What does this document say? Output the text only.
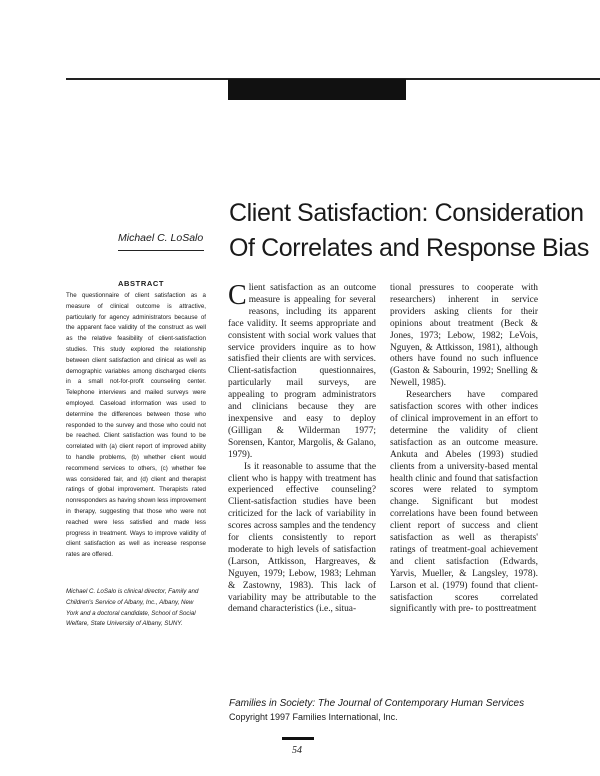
Client Satisfaction: Consideration
Of Correlates and Response Bias
Michael C. LoSalo
ABSTRACT
The questionnaire of client satisfaction as a measure of clinical outcome is attractive, particularly for agency administrators because of the apparent face validity of the construct as well as the relative feasibility of client-satisfaction studies. This study explored the relationship between client satisfaction and clinical as well as demographic variables among discharged clients in a small not-for-profit counseling center. Telephone interviews and mailed surveys were employed. Caseload information was used to determine the differences between those who responded to the survey and those who could not be reached. Client satisfaction was found to be correlated with (a) client report of improved ability to handle problems, (b) whether client would recommend services to others, (c) whether fee was considered fair, and (d) client and therapist ratings of global improvement. Therapists rated nonresponders as having shown less improvement in therapy, suggesting that those who were not reached were less satisfied and made less progress in treatment. Ways to improve validity of client satisfaction as well as increase response rates are offered.
Michael C. LoSalo is clinical director, Family and Children's Service of Albany, Inc., Albany, New York and a doctoral candidate, School of Social Welfare, State University of Albany, SUNY.

Client satisfaction as an outcome measure is appealing for several reasons, including its apparent face validity. It seems appropriate and consistent with social work values that service providers inquire as to how satisfied their clients are with services. Client-satisfaction questionnaires, particularly mail surveys, are appealing to program administrators and clinicians because they are inexpensive and easy to deploy (Gilligan & Wilderman 1977; Sorensen, Kantor, Margolis, & Galano, 1979).

Is it reasonable to assume that the client who is happy with treatment has experienced effective counseling? Client-satisfaction studies have been criticized for the lack of variability in scores across samples and the tendency for clients consistently to report moderate to high levels of satisfaction (Larson, Attkisson, Hargreaves, & Nguyen, 1979; Lebow, 1983; Lehman & Zastowny, 1983). This lack of variability may be attributable to the demand characteristics (i.e., situa-

tional pressures to cooperate with researchers) inherent in service providers asking clients for their opinions about treatment (Beck & Jones, 1973; Lebow, 1982; LeVois, Nguyen, & Attkisson, 1981), although others have found no such influence (Gaston & Sabourin, 1992; Snelling & Newell, 1985).

Researchers have compared satisfaction scores with other indices of clinical improvement in an effort to determine the validity of client satisfaction as an outcome measure. Ankuta and Abeles (1993) studied clients from a university-based mental health clinic and found that satisfaction scores were related to symptom change. Significant but modest correlations have been found between client report of success and client satisfaction as well as therapists' ratings of treatment-goal achievement and client satisfaction (Edwards, Yarvis, Mueller, & Langsley, 1978). Larson et al. (1979) found that client-satisfaction scores correlated significantly with pre- to posttreatment

Families in Society: The Journal of Contemporary Human Services
Copyright 1997 Families International, Inc.
54
